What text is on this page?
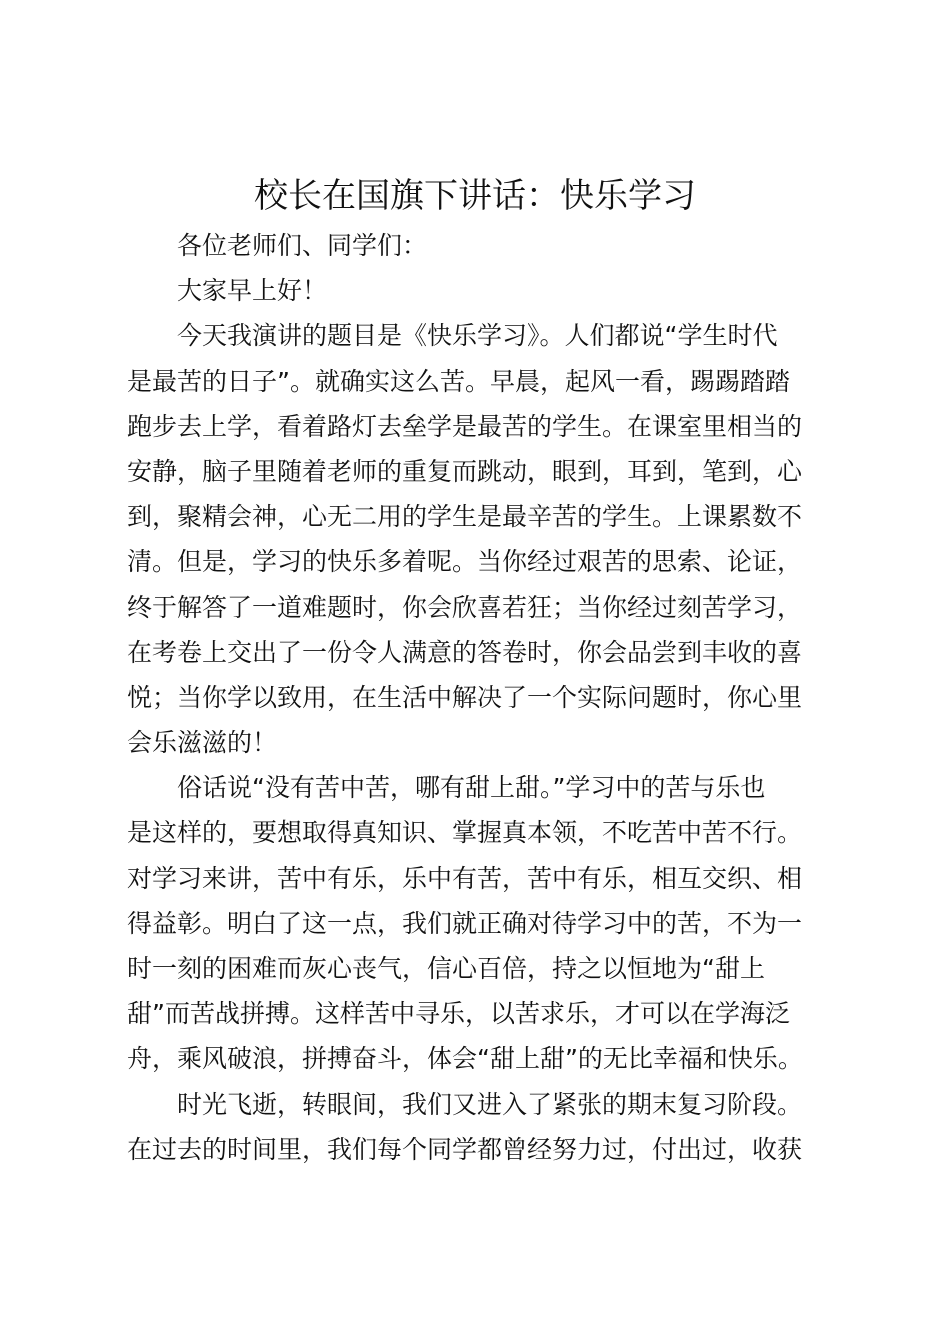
校长在国旗下讲话：快乐学习
各位老师们、同学们：
大家早上好！
今天我演讲的题目是《快乐学习》。人们都说“学生时代
是最苦的日子”。就确实这么苦。早晨，起风一看，踢踢踏踏
跑步去上学，看着路灯去垒学是最苦的学生。在课室里相当的
安静，脑子里随着老师的重复而跳动，眼到，耳到，笔到，心
到，聚精会神，心无二用的学生是最辛苦的学生。上课累数不
清。但是，学习的快乐多着呢。当你经过艰苦的思索、论证，
终于解答了一道难题时，你会欣喜若狂；当你经过刻苦学习，
在考卷上交出了一份令人满意的答卷时，你会品尝到丰收的喜
悦；当你学以致用，在生活中解决了一个实际问题时，你心里
会乐滋滋的！
俗话说“没有苦中苦，哪有甜上甜。”学习中的苦与乐也
是这样的，要想取得真知识、掌握真本领，不吃苦中苦不行。
对学习来讲，苦中有乐，乐中有苦，苦中有乐，相互交织、相
得益彰。明白了这一点，我们就正确对待学习中的苦，不为一
时一刻的困难而灰心丧气，信心百倍，持之以恒地为“甜上
甜”而苦战拼搏。这样苦中寻乐，以苦求乐，才可以在学海泛
舟，乘风破浪，拼搏奋斗，体会“甜上甜”的无比幸福和快乐。
时光飞逝，转眼间，我们又进入了紧张的期末复习阶段。
在过去的时间里，我们每个同学都曾经努力过，付出过，收获
